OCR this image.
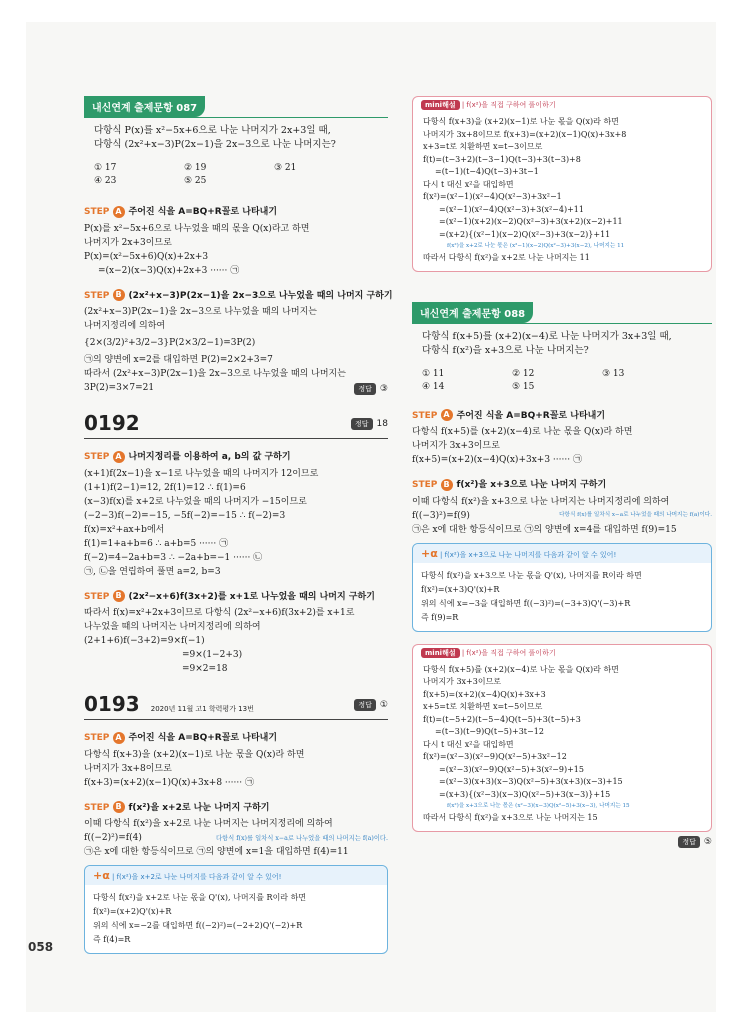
내신연계 출제문항 087
다항식 P(x)를 x²−5x+6으로 나눈 나머지가 2x+3일 때,
다항식 (2x²+x−3)P(2x−1)을 2x−3으로 나눈 나머지는?
① 17	② 19	③ 21
④ 23	⑤ 25
STEP A 주어진 식을 A=BQ+R꼴로 나타내기
P(x)를 x²−5x+6으로 나누었을 때의 몫을 Q(x)라고 하면
나머지가 2x+3이므로
P(x)=(x²−5x+6)Q(x)+2x+3
=(x−2)(x−3)Q(x)+2x+3 ······ ㉠
STEP B (2x²+x−3)P(2x−1)을 2x−3으로 나누었을 때의 나머지 구하기
(2x²+x−3)P(2x−1)을 2x−3으로 나누었을 때의 나머지는
나머지정리에 의하여
{2×(3/2)²+3/2−3}P(2×3/2−1)=3P(2)
㉠의 양변에 x=2를 대입하면 P(2)=2×2+3=7
따라서 (2x²+x−3)P(2x−1)을 2x−3으로 나누었을 때의 나머지는
3P(2)=3×7=21	정답 ③
0192	정답 18
STEP A 나머지정리를 이용하여 a, b의 값 구하기
(x+1)f(2x−1)을 x−1로 나누었을 때의 나머지가 12이므로
(1+1)f(2−1)=12, 2f(1)=12 ∴ f(1)=6
(x−3)f(x)를 x+2로 나누었을 때의 나머지가 −15이므로
(−2−3)f(−2)=−15, −5f(−2)=−15 ∴ f(−2)=3
f(x)=x²+ax+b에서
f(1)=1+a+b=6 ∴ a+b=5 ······ ㉠
f(−2)=4−2a+b=3 ∴ −2a+b=−1 ······ ㉡
㉠, ㉡을 연립하여 풀면 a=2, b=3
STEP B (2x²−x+6)f(3x+2)를 x+1로 나누었을 때의 나머지 구하기
따라서 f(x)=x²+2x+3이므로 다항식 (2x²−x+6)f(3x+2)를 x+1로
나누었을 때의 나머지는 나머지정리에 의하여
(2+1+6)f(−3+2)=9×f(−1)
=9×(1−2+3)
=9×2=18
0193 2020년 11월 고1 학력평가 13번	정답 ①
STEP A 주어진 식을 A=BQ+R꼴로 나타내기
다항식 f(x+3)을 (x+2)(x−1)로 나눈 몫을 Q(x)라 하면
나머지가 3x+8이므로
f(x+3)=(x+2)(x−1)Q(x)+3x+8 ······ ㉠
STEP B f(x²)을 x+2로 나눈 나머지 구하기
이때 다항식 f(x²)을 x+2로 나눈 나머지는 나머지정리에 의하여
f((−2)²)=f(4)	다항식 f(x)를 일차식 x−a로 나누었을 때의 나머지는 f(a)이다.
㉠은 x에 대한 항등식이므로 ㉠의 양변에 x=1을 대입하면 f(4)=11
+α | f(x²)을 x+2로 나눈 나머지를 다음과 같이 알 수 있어!
다항식 f(x²)을 x+2로 나눈 몫을 Q'(x), 나머지를 R이라 하면
f(x²)=(x+2)Q'(x)+R
위의 식에 x=−2를 대입하면 f((−2)²)=(−2+2)Q'(−2)+R
즉 f(4)=R
mini해설 | f(x²)을 직접 구하여 풀이하기
다항식 f(x+3)을 (x+2)(x−1)로 나눈 몫을 Q(x)라 하면
나머지가 3x+8이므로 f(x+3)=(x+2)(x−1)Q(x)+3x+8
x+3=t로 치환하면 x=t−3이므로
f(t)=(t−3+2)(t−3−1)Q(t−3)+3(t−3)+8
=(t−1)(t−4)Q(t−3)+3t−1
다시 t 대신 x²을 대입하면
f(x²)=(x²−1)(x²−4)Q(x²−3)+3x²−1
=(x²−1)(x²−4)Q(x²−3)+3(x²−4)+11
=(x²−1)(x+2)(x−2)Q(x²−3)+3(x+2)(x−2)+11
=(x+2){(x²−1)(x−2)Q(x²−3)+3(x−2)}+11
f(x²)을 x+2로 나눈 몫은 (x²−1)(x−2)Q(x²−3)+3(x−2), 나머지는 11
따라서 다항식 f(x²)을 x+2로 나눈 나머지는 11
내신연계 출제문항 088
다항식 f(x+5)를 (x+2)(x−4)로 나눈 나머지가 3x+3일 때,
다항식 f(x²)을 x+3으로 나눈 나머지는?
① 11	② 12	③ 13
④ 14	⑤ 15
STEP A 주어진 식을 A=BQ+R꼴로 나타내기
다항식 f(x+5)를 (x+2)(x−4)로 나눈 몫을 Q(x)라 하면
나머지가 3x+3이므로
f(x+5)=(x+2)(x−4)Q(x)+3x+3 ······ ㉠
STEP B f(x²)을 x+3으로 나눈 나머지 구하기
이때 다항식 f(x²)을 x+3으로 나눈 나머지는 나머지정리에 의하여
f((−3)²)=f(9)	다항식 f(x)를 일차식 x−a로 나누었을 때의 나머지는 f(a)이다.
㉠은 x에 대한 항등식이므로 ㉠의 양변에 x=4를 대입하면 f(9)=15
+α | f(x²)을 x+3으로 나눈 나머지를 다음과 같이 알 수 있어!
다항식 f(x²)을 x+3으로 나눈 몫을 Q'(x), 나머지를 R이라 하면
f(x²)=(x+3)Q'(x)+R
위의 식에 x=−3을 대입하면 f((−3)²)=(−3+3)Q'(−3)+R
즉 f(9)=R
mini해설 | f(x²)을 직접 구하여 풀이하기
다항식 f(x+5)를 (x+2)(x−4)로 나눈 몫을 Q(x)라 하면
나머지가 3x+3이므로
f(x+5)=(x+2)(x−4)Q(x)+3x+3
x+5=t로 치환하면 x=t−5이므로
f(t)=(t−5+2)(t−5−4)Q(t−5)+3(t−5)+3
=(t−3)(t−9)Q(t−5)+3t−12
다시 t 대신 x²을 대입하면
f(x²)=(x²−3)(x²−9)Q(x²−5)+3x²−12
=(x²−3)(x²−9)Q(x²−5)+3(x²−9)+15
=(x²−3)(x+3)(x−3)Q(x²−5)+3(x+3)(x−3)+15
=(x+3){(x²−3)(x−3)Q(x²−5)+3(x−3)}+15
f(x²)을 x+3으로 나눈 몫은 (x²−3)(x−3)Q(x²−5)+3(x−3), 나머지는 15
따라서 다항식 f(x²)을 x+3으로 나눈 나머지는 15
정답 ⑤
058
